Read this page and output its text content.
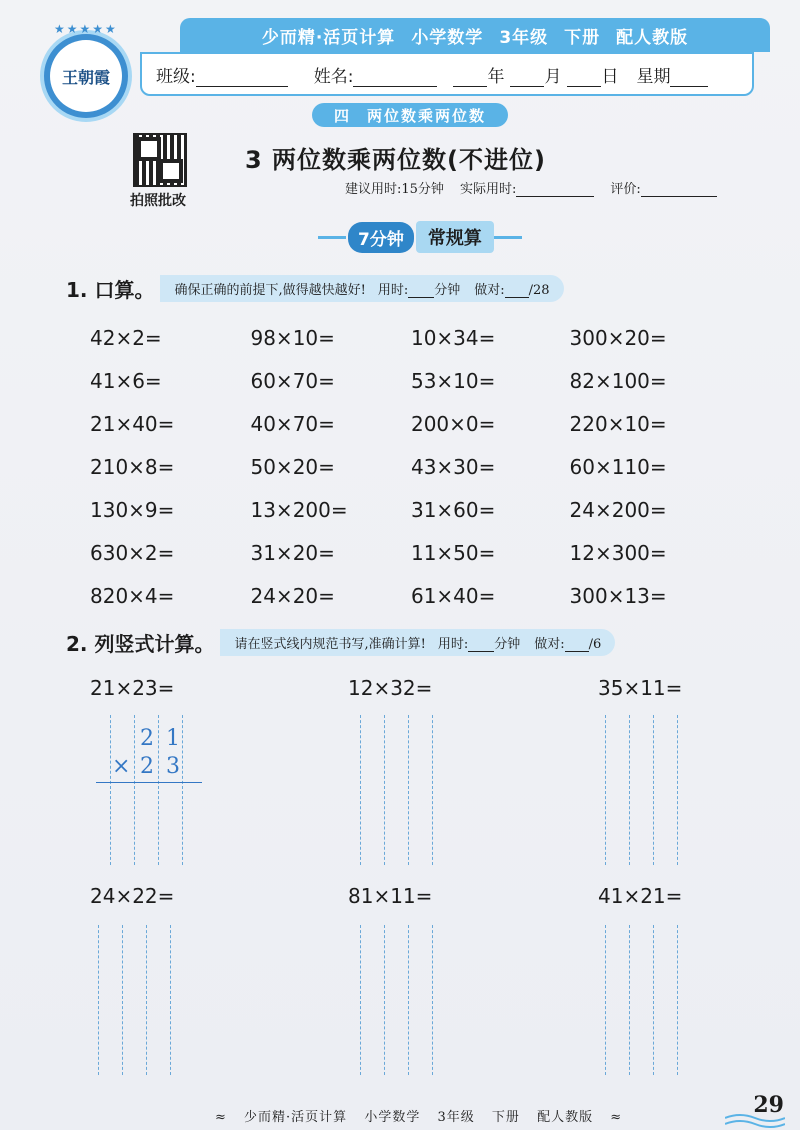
★★★★★
王朝霞
少而精·活页计算 小学数学 3年级 下册 配人教版
班级:	姓名:	年 月 日 星期
四 两位数乘两位数
拍照批改
3 两位数乘两位数(不进位)
建议用时:15分钟 实际用时:	评价:
7分钟	常规算
1. 口算。 确保正确的前提下,做得越快越好! 用时: 分钟 做对: /28
42×2=	98×10=	10×34=	300×20=
41×6=	60×70=	53×10=	82×100=
21×40=	40×70=	200×0=	220×10=
210×8=	50×20=	43×30=	60×110=
130×9=	13×200=	31×60=	24×200=
630×2=	31×20=	11×50=	12×300=
820×4=	24×20=	61×40=	300×13=
2. 列竖式计算。 请在竖式线内规范书写,准确计算! 用时: 分钟 做对: /6
21×23=	12×32=	35×11=
2 1
× 2 3
24×22=	81×11=	41×21=
≈ 少而精·活页计算 小学数学 3年级 下册 配人教版 ≈	29
